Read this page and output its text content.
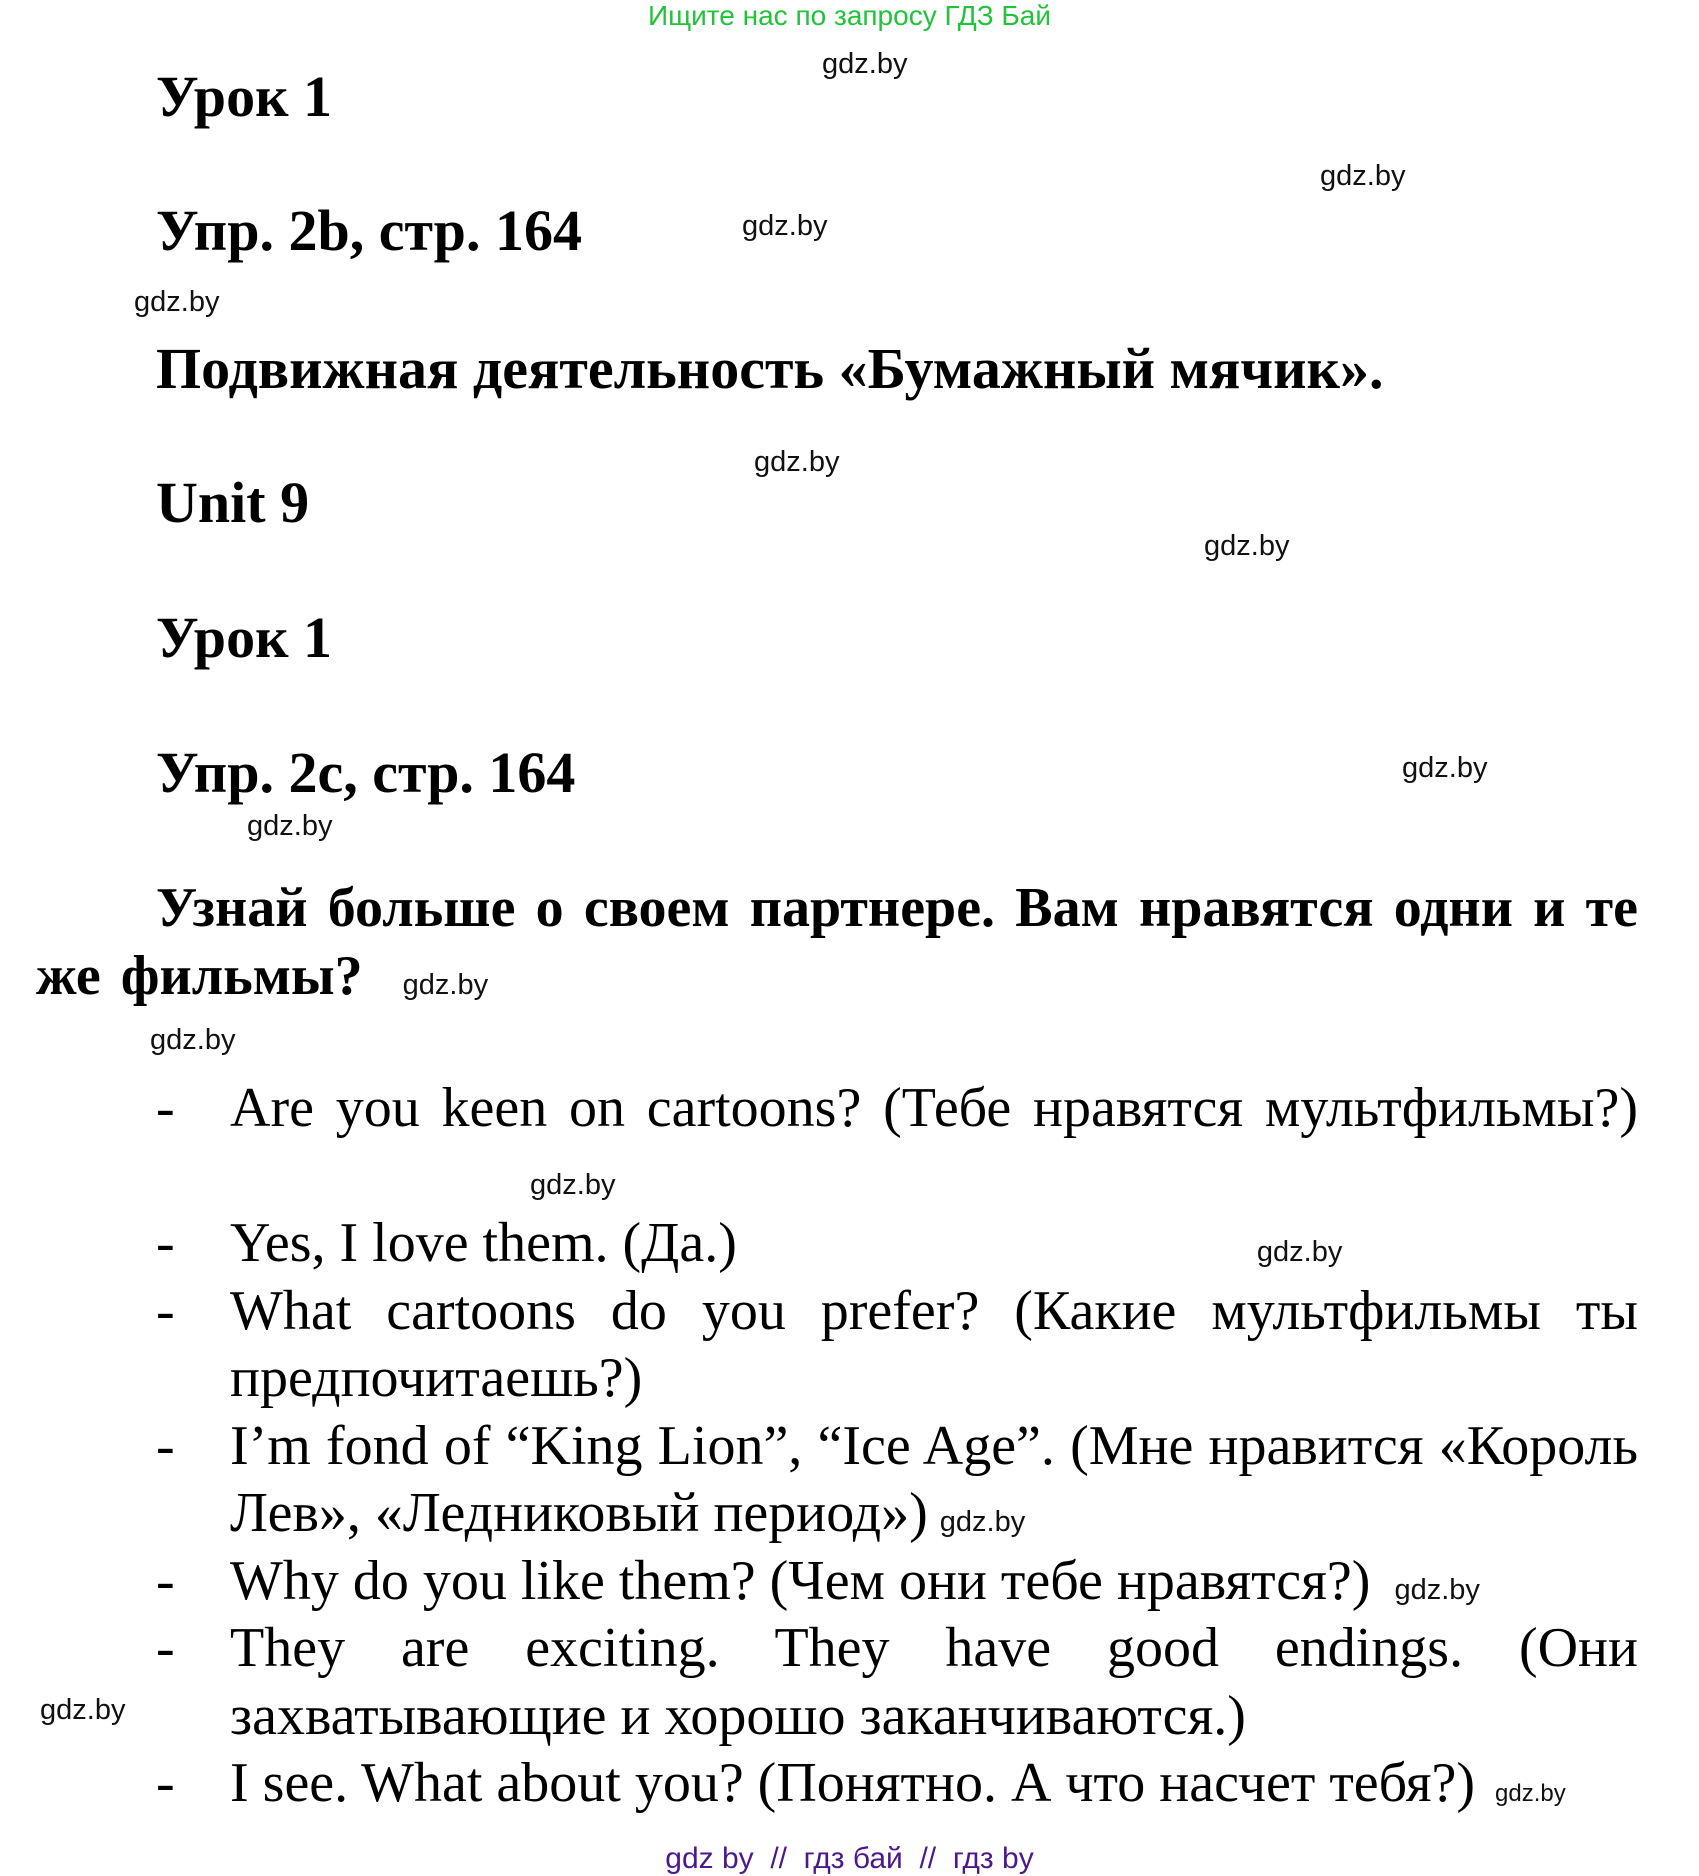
Ищите нас по запросу ГДЗ Бай
Урок 1
Упр. 2b, стр. 164
Подвижная деятельность «Бумажный мячик».
Unit 9
Урок 1
Упр. 2c, стр. 164
Узнай больше о своем партнере. Вам нравятся одни и те же фильмы? gdz.by
- Are you keen on cartoons? (Тебе нравятся мультфильмы?)gdz.by
- Yes, I love them. (Да.)	gdz.by
- What cartoons do you prefer? (Какие мультфильмы ты предпочитаешь?)
- I’m fond of “King Lion”, “Ice Age”. (Мне нравится «Король Лев», «Ледниковый период») gdz.by
- Why do you like them? (Чем они тебе нравятся?) gdz.by
- They are exciting. They have good endings. (Они захватывающие и хорошо заканчиваются.)
- I see. What about you? (Понятно. А что насчет тебя?) gdz.by
gdz.by
gdz.by
gdz.by
gdz.by
gdz.by
gdz.by
gdz.by
gdz.by
gdz.by
gdz.by
gdz by  //  гдз бай  //  гдз by
